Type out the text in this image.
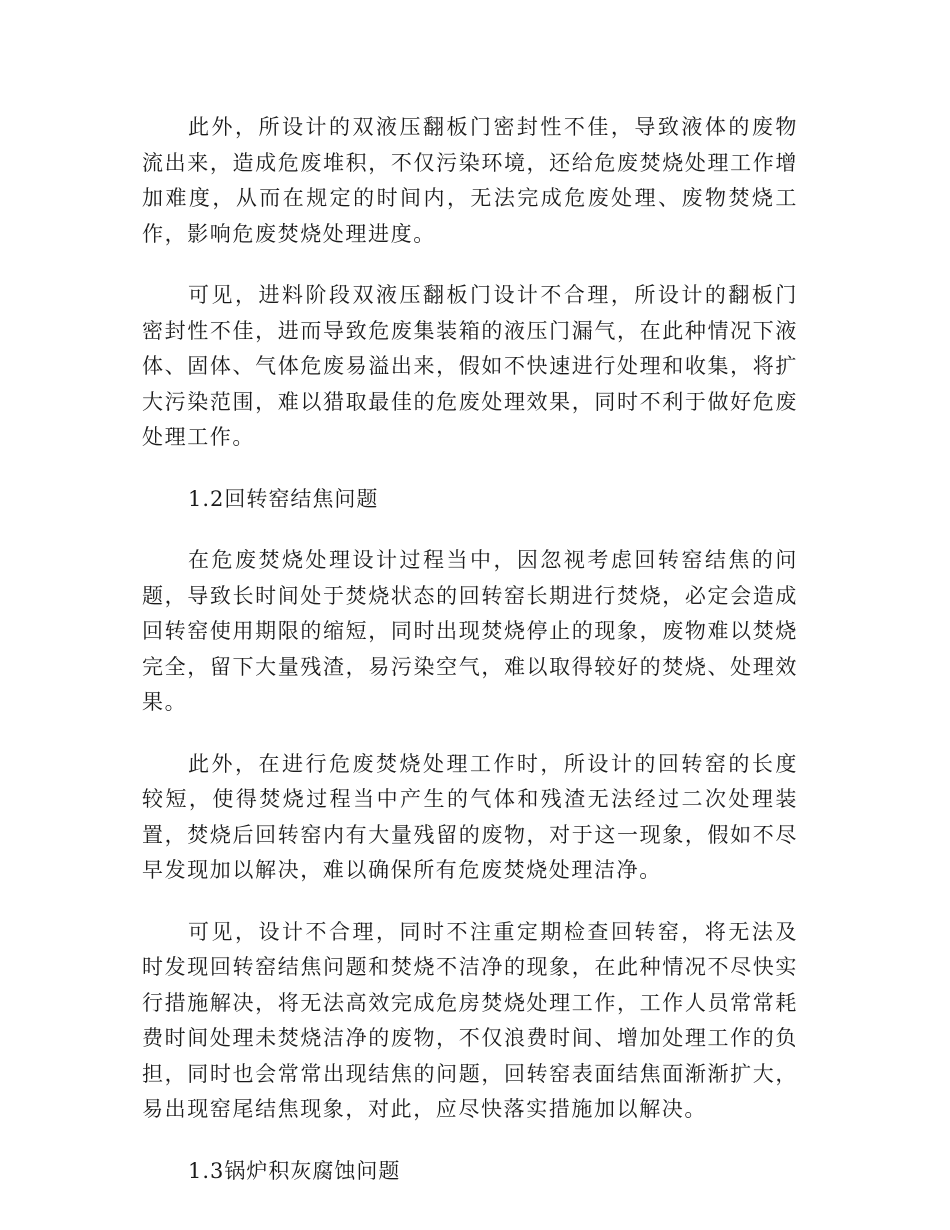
此外，所设计的双液压翻板门密封性不佳，导致液体的废物流出来，造成危废堆积，不仅污染环境，还给危废焚烧处理工作增加难度，从而在规定的时间内，无法完成危废处理、废物焚烧工作，影响危废焚烧处理进度。

可见，进料阶段双液压翻板门设计不合理，所设计的翻板门密封性不佳，进而导致危废集装箱的液压门漏气，在此种情况下液体、固体、气体危废易溢出来，假如不快速进行处理和收集，将扩大污染范围，难以猎取最佳的危废处理效果，同时不利于做好危废处理工作。

1.2回转窑结焦问题

在危废焚烧处理设计过程当中，因忽视考虑回转窑结焦的问题，导致长时间处于焚烧状态的回转窑长期进行焚烧，必定会造成回转窑使用期限的缩短，同时出现焚烧停止的现象，废物难以焚烧完全，留下大量残渣，易污染空气，难以取得较好的焚烧、处理效果。

此外，在进行危废焚烧处理工作时，所设计的回转窑的长度较短，使得焚烧过程当中产生的气体和残渣无法经过二次处理装置，焚烧后回转窑内有大量残留的废物，对于这一现象，假如不尽早发现加以解决，难以确保所有危废焚烧处理洁净。

可见，设计不合理，同时不注重定期检查回转窑，将无法及时发现回转窑结焦问题和焚烧不洁净的现象，在此种情况不尽快实行措施解决，将无法高效完成危房焚烧处理工作，工作人员常常耗费时间处理未焚烧洁净的废物，不仅浪费时间、增加处理工作的负担，同时也会常常出现结焦的问题，回转窑表面结焦面渐渐扩大，易出现窑尾结焦现象，对此，应尽快落实措施加以解决。

1.3锅炉积灰腐蚀问题
